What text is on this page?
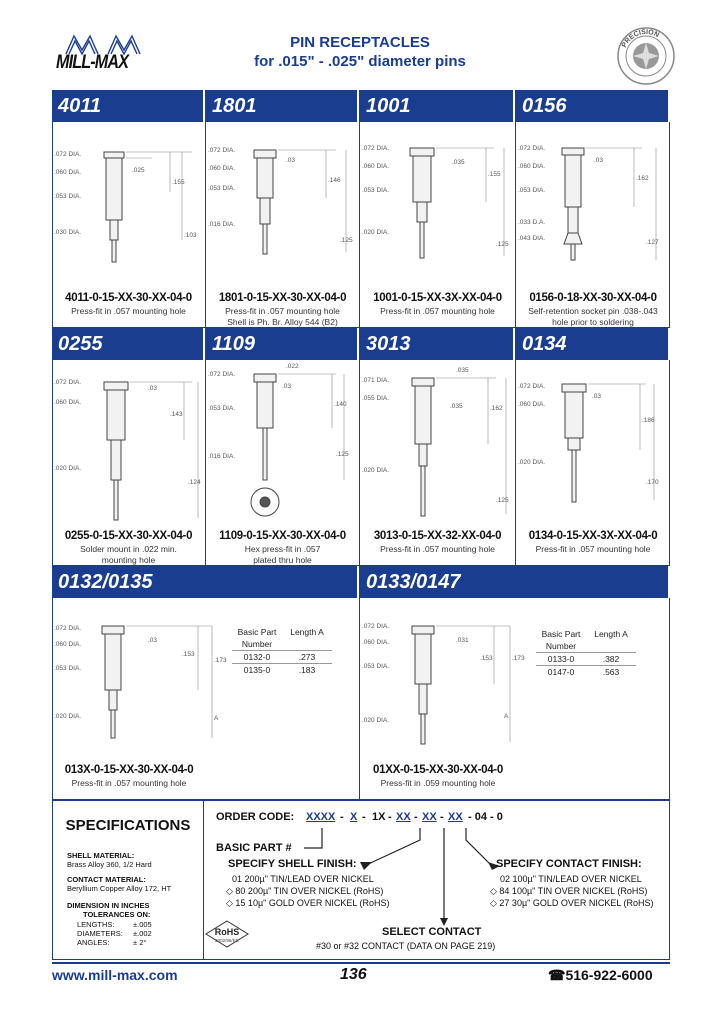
MILL-MAX
PIN RECEPTACLES
for .015" - .025" diameter pins
PRECISION
4011
.072 DIA.
.060 DIA.
.053 DIA.
.030 DIA.
.025
.155
.103
4011-0-15-XX-30-XX-04-0
Press-fit in .057 mounting hole
1801
.072 DIA.
.060 DIA.
.053 DIA.
.016 DIA.
.03
.146
.125
1801-0-15-XX-30-XX-04-0
Press-fit in .057 mounting hole
Shell is Ph. Br. Alloy 544 (B2)
1001
.072 DIA.
.060 DIA.
.053 DIA.
.020 DIA.
.035
.155
.125
1001-0-15-XX-3X-XX-04-0
Press-fit in .057 mounting hole
0156
.072 DIA.
.060 DIA.
.053 DIA.
.033 D.A.
.043 DIA.
.03
.162
.127
0156-0-18-XX-30-XX-04-0
Self-retention socket pin .038-.043
hole prior to soldering
0255
.072 DIA.
.060 DIA.
.020 DIA.
.03
.143
.124
0255-0-15-XX-30-XX-04-0
Solder mount in .022 min.
mounting hole
1109
.072 DIA.
.053 DIA.
.016 DIA.
.022
.03
.140
.125
1109-0-15-XX-30-XX-04-0
Hex press-fit in .057
plated thru hole
3013
.071 DIA.
.055 DIA.
.020 DIA.
.035
.035	.162
.125
3013-0-15-XX-32-XX-04-0
Press-fit in .057 mounting hole
0134
.072 DIA.
.060 DIA.
.020 DIA.
.03
.186
.170
0134-0-15-XX-3X-XX-04-0
Press-fit in .057 mounting hole
0132/0135
.072 DIA.
.060 DIA.
.053 DIA.
.020 DIA.
.03
.153
.173
A
Basic Part Number
Length A
0132-0	.273
0135-0	.183
013X-0-15-XX-30-XX-04-0
Press-fit in .057 mounting hole
0133/0147
.072 DIA.
.060 DIA.
.053 DIA.
.020 DIA.
.031
.153	.173
A
Basic Part Number
Length A
0133-0	.382
0147-0	.563
01XX-0-15-XX-30-XX-04-0
Press-fit in .059 mounting hole
SPECIFICATIONS
SHELL MATERIAL:
Brass Alloy 360, 1/2 Hard
CONTACT MATERIAL:
Beryllium Copper Alloy 172, HT
DIMENSION IN INCHES
TOLERANCES ON:
LENGTHS: ±.005
DIAMETERS: ±.002
ANGLES:	± 2°
ORDER CODE: XXXX - X - 1X - XX - XX - XX - 04 - 0
BASIC PART #
SPECIFY SHELL FINISH:
01 200µ" TIN/LEAD OVER NICKEL
◇ 80 200µ" TIN OVER NICKEL (RoHS)
◇ 15 10µ" GOLD OVER NICKEL (RoHS)
SPECIFY CONTACT FINISH:
02 100µ" TIN/LEAD OVER NICKEL
◇ 84 100µ" TIN OVER NICKEL (RoHS)
◇ 27 30µ" GOLD OVER NICKEL (RoHS)
SELECT CONTACT
#30 or #32 CONTACT (DATA ON PAGE 219)
RoHS
2002/95/EC
www.mill-max.com	136	☎516-922-6000
